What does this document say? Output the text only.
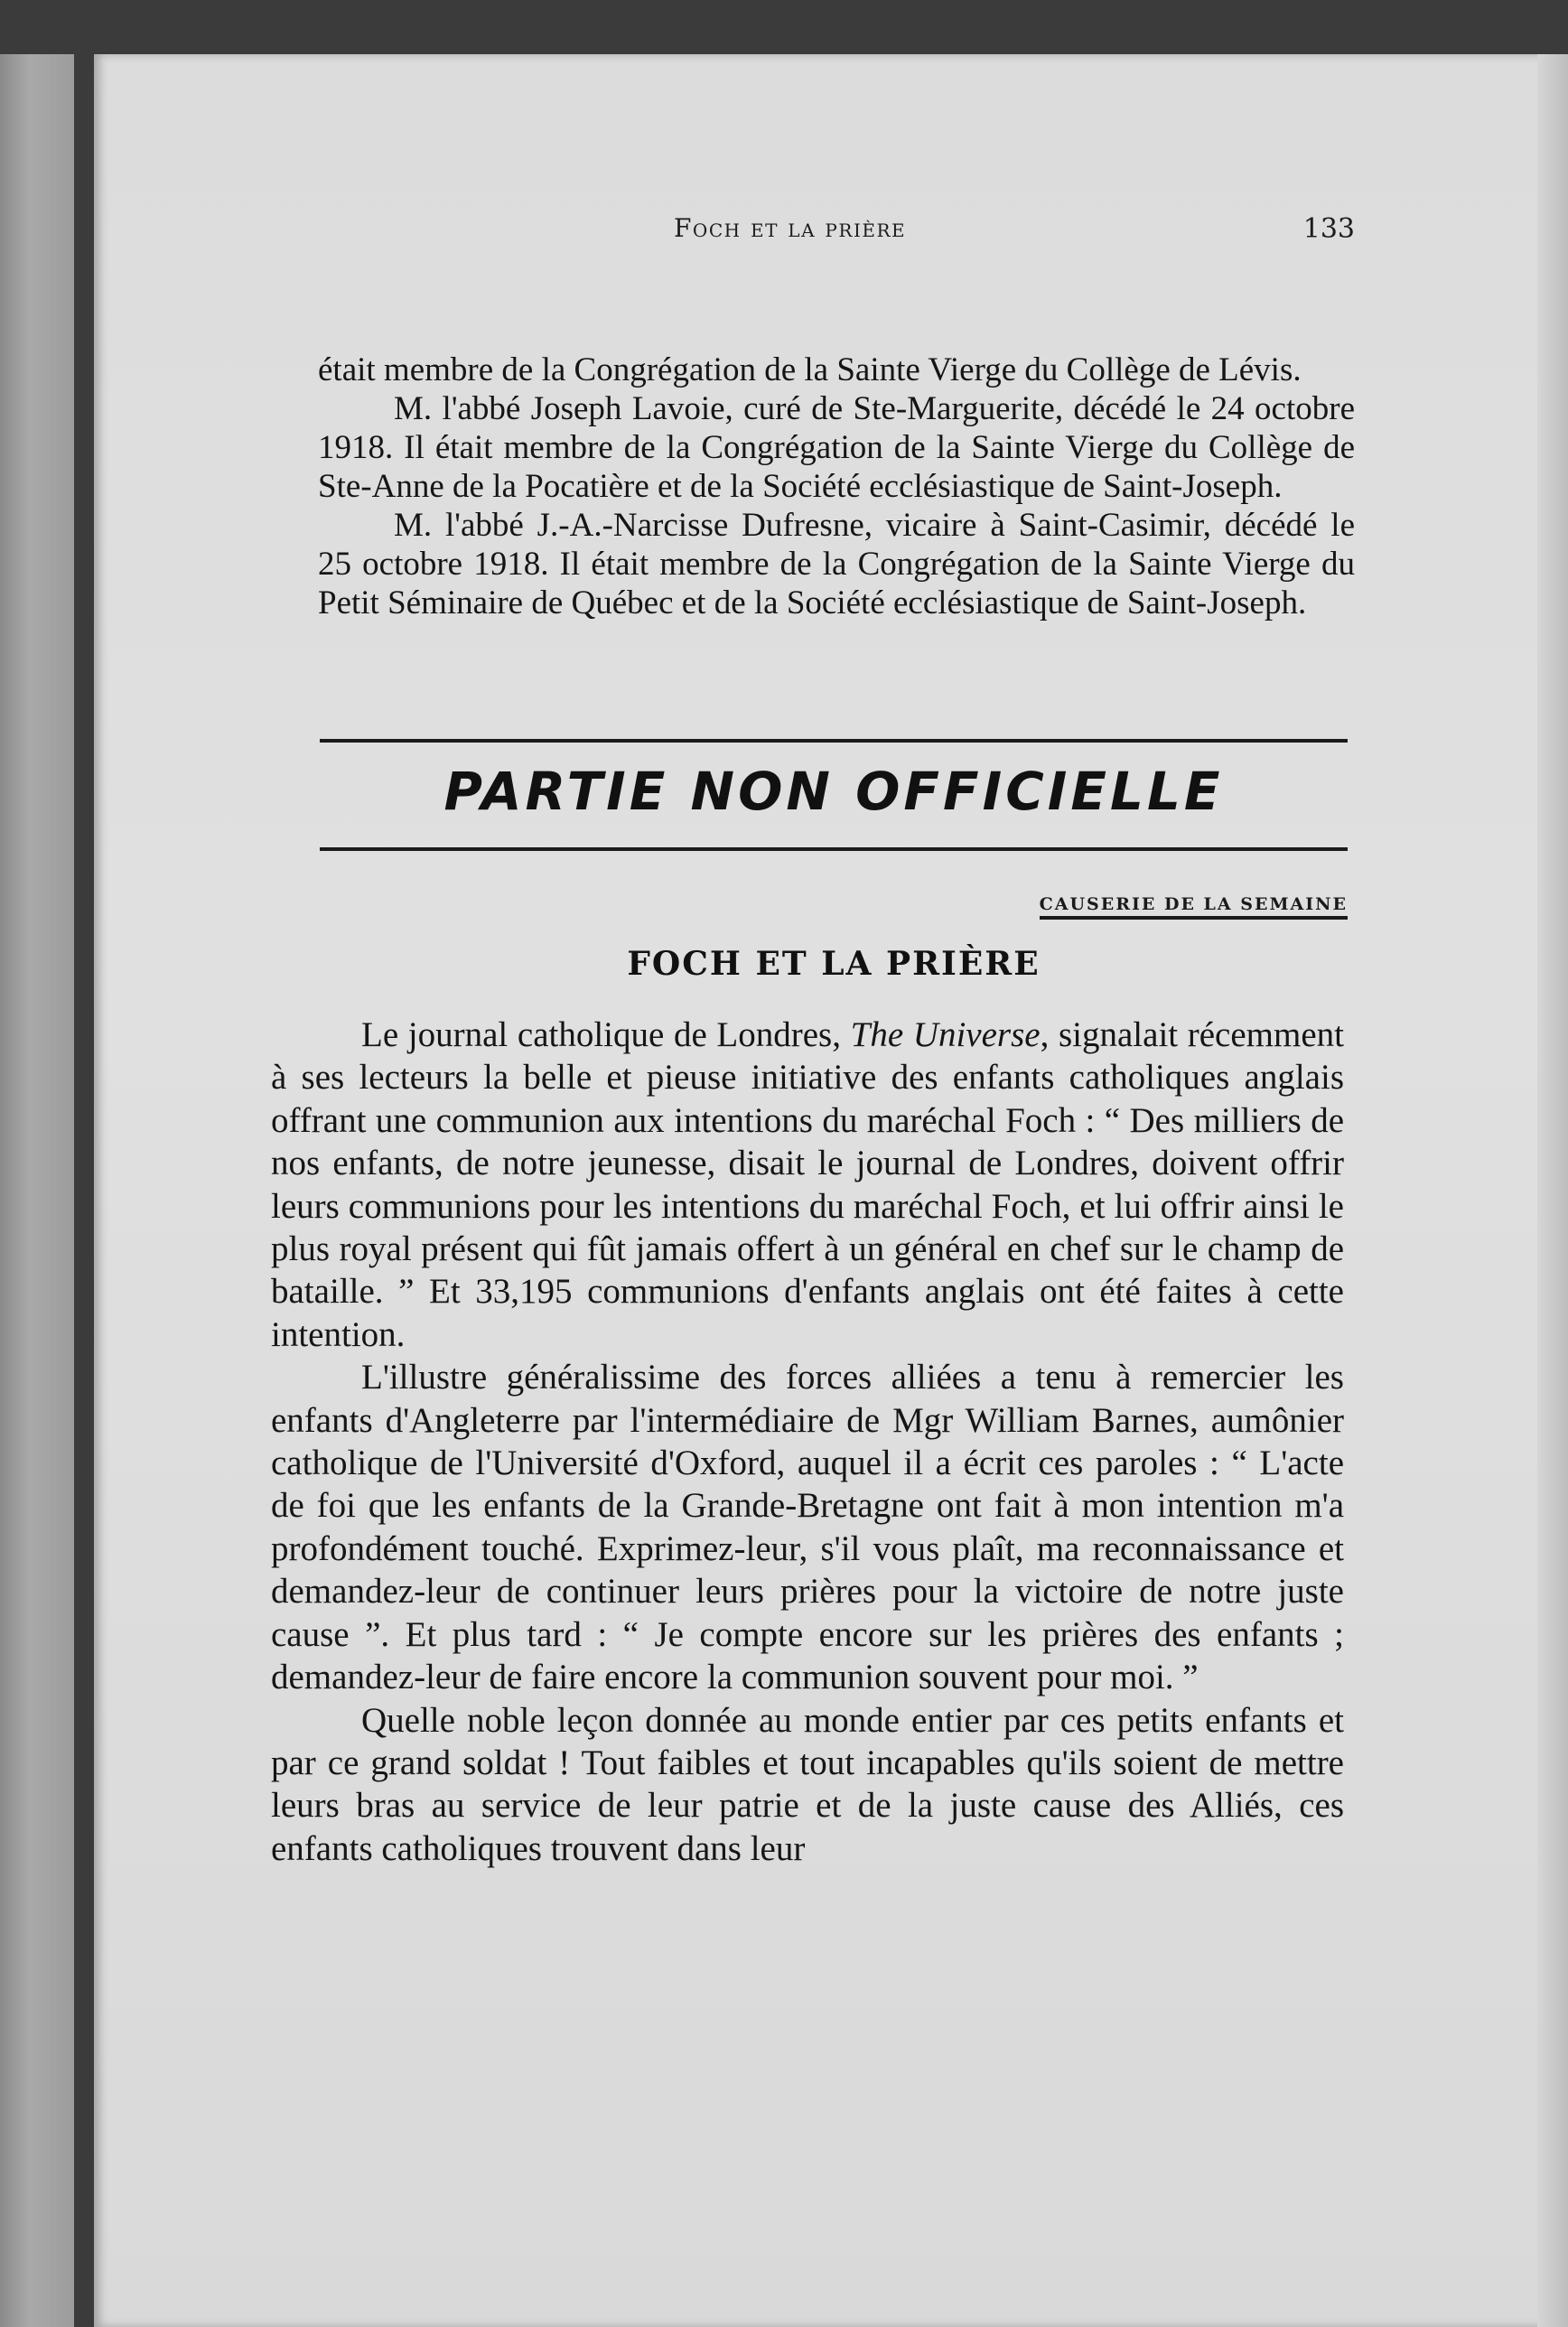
Foch et la prière	133

était membre de la Congrégation de la Sainte Vierge du Collège de Lévis.

M. l'abbé Joseph Lavoie, curé de Ste-Marguerite, décédé le 24 octobre 1918. Il était membre de la Congrégation de la Sainte Vierge du Collège de Ste-Anne de la Pocatière et de la Société ecclésiastique de Saint-Joseph.

M. l'abbé J.-A.-Narcisse Dufresne, vicaire à Saint-Casimir, décédé le 25 octobre 1918. Il était membre de la Congrégation de la Sainte Vierge du Petit Séminaire de Québec et de la Société ecclésiastique de Saint-Joseph.

PARTIE NON OFFICIELLE
CAUSERIE DE LA SEMAINE
FOCH ET LA PRIÈRE

Le journal catholique de Londres, The Universe, signalait récemment à ses lecteurs la belle et pieuse initiative des enfants catholiques anglais offrant une communion aux intentions du maréchal Foch : “ Des milliers de nos enfants, de notre jeunesse, disait le journal de Londres, doivent offrir leurs communions pour les intentions du maréchal Foch, et lui offrir ainsi le plus royal présent qui fût jamais offert à un général en chef sur le champ de bataille. ” Et 33,195 communions d'enfants anglais ont été faites à cette intention.

L'illustre généralissime des forces alliées a tenu à remercier les enfants d'Angleterre par l'intermédiaire de Mgr William Barnes, aumônier catholique de l'Université d'Oxford, auquel il a écrit ces paroles : “ L'acte de foi que les enfants de la Grande-Bretagne ont fait à mon intention m'a profondément touché. Exprimez-leur, s'il vous plaît, ma reconnaissance et demandez-leur de continuer leurs prières pour la victoire de notre juste cause ”. Et plus tard : “ Je compte encore sur les prières des enfants ; demandez-leur de faire encore la communion souvent pour moi. ”

Quelle noble leçon donnée au monde entier par ces petits enfants et par ce grand soldat ! Tout faibles et tout incapables qu'ils soient de mettre leurs bras au service de leur patrie et de la juste cause des Alliés, ces enfants catholiques trouvent dans leur
